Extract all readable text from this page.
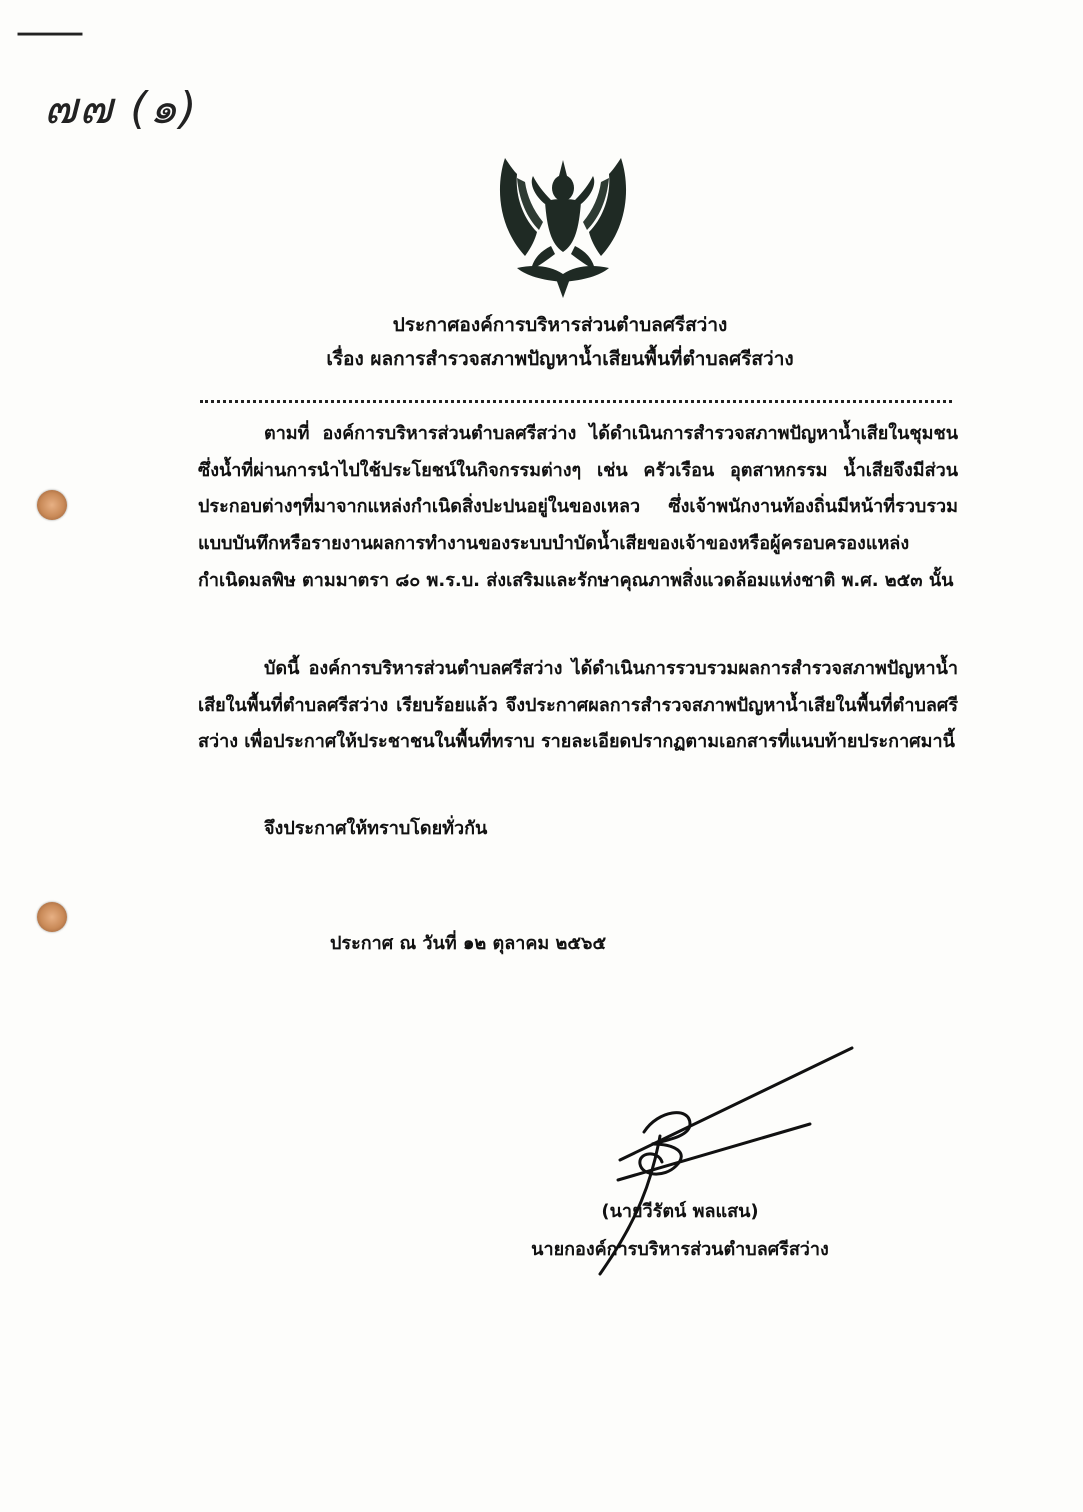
—
๗๗ (๑)
ประกาศองค์การบริหารส่วนตำบลศรีสว่าง
เรื่อง ผลการสำรวจสภาพปัญหาน้ำเสียนพื้นที่ตำบลศรีสว่าง
ตามที่ องค์การบริหารส่วนตำบลศรีสว่าง ได้ดำเนินการสำรวจสภาพปัญหาน้ำเสียในชุมชน ซึ่งน้ำที่ผ่านการนำไปใช้ประโยชน์ในกิจกรรมต่างๆ เช่น ครัวเรือน อุตสาหกรรม น้ำเสียจึงมีส่วนประกอบต่างๆที่มาจากแหล่งกำเนิดสิ่งปะปนอยู่ในของเหลว ซึ่งเจ้าพนักงานท้องถิ่นมีหน้าที่รวบรวมแบบบันทึกหรือรายงานผลการทำงานของระบบบำบัดน้ำเสียของเจ้าของหรือผู้ครอบครองแหล่งกำเนิดมลพิษ ตามมาตรา ๘๐ พ.ร.บ. ส่งเสริมและรักษาคุณภาพสิ่งแวดล้อมแห่งชาติ พ.ศ. ๒๕๓ นั้น
บัดนี้ องค์การบริหารส่วนตำบลศรีสว่าง ได้ดำเนินการรวบรวมผลการสำรวจสภาพปัญหาน้ำเสียในพื้นที่ตำบลศรีสว่าง เรียบร้อยแล้ว จึงประกาศผลการสำรวจสภาพปัญหาน้ำเสียในพื้นที่ตำบลศรีสว่าง เพื่อประกาศให้ประชาชนในพื้นที่ทราบ รายละเอียดปรากฏตามเอกสารที่แนบท้ายประกาศมานี้
จึงประกาศให้ทราบโดยทั่วกัน
ประกาศ ณ วันที่ ๑๒ ตุลาคม ๒๕๖๕
(นายวีรัตน์ พลแสน)
นายกองค์การบริหารส่วนตำบลศรีสว่าง
